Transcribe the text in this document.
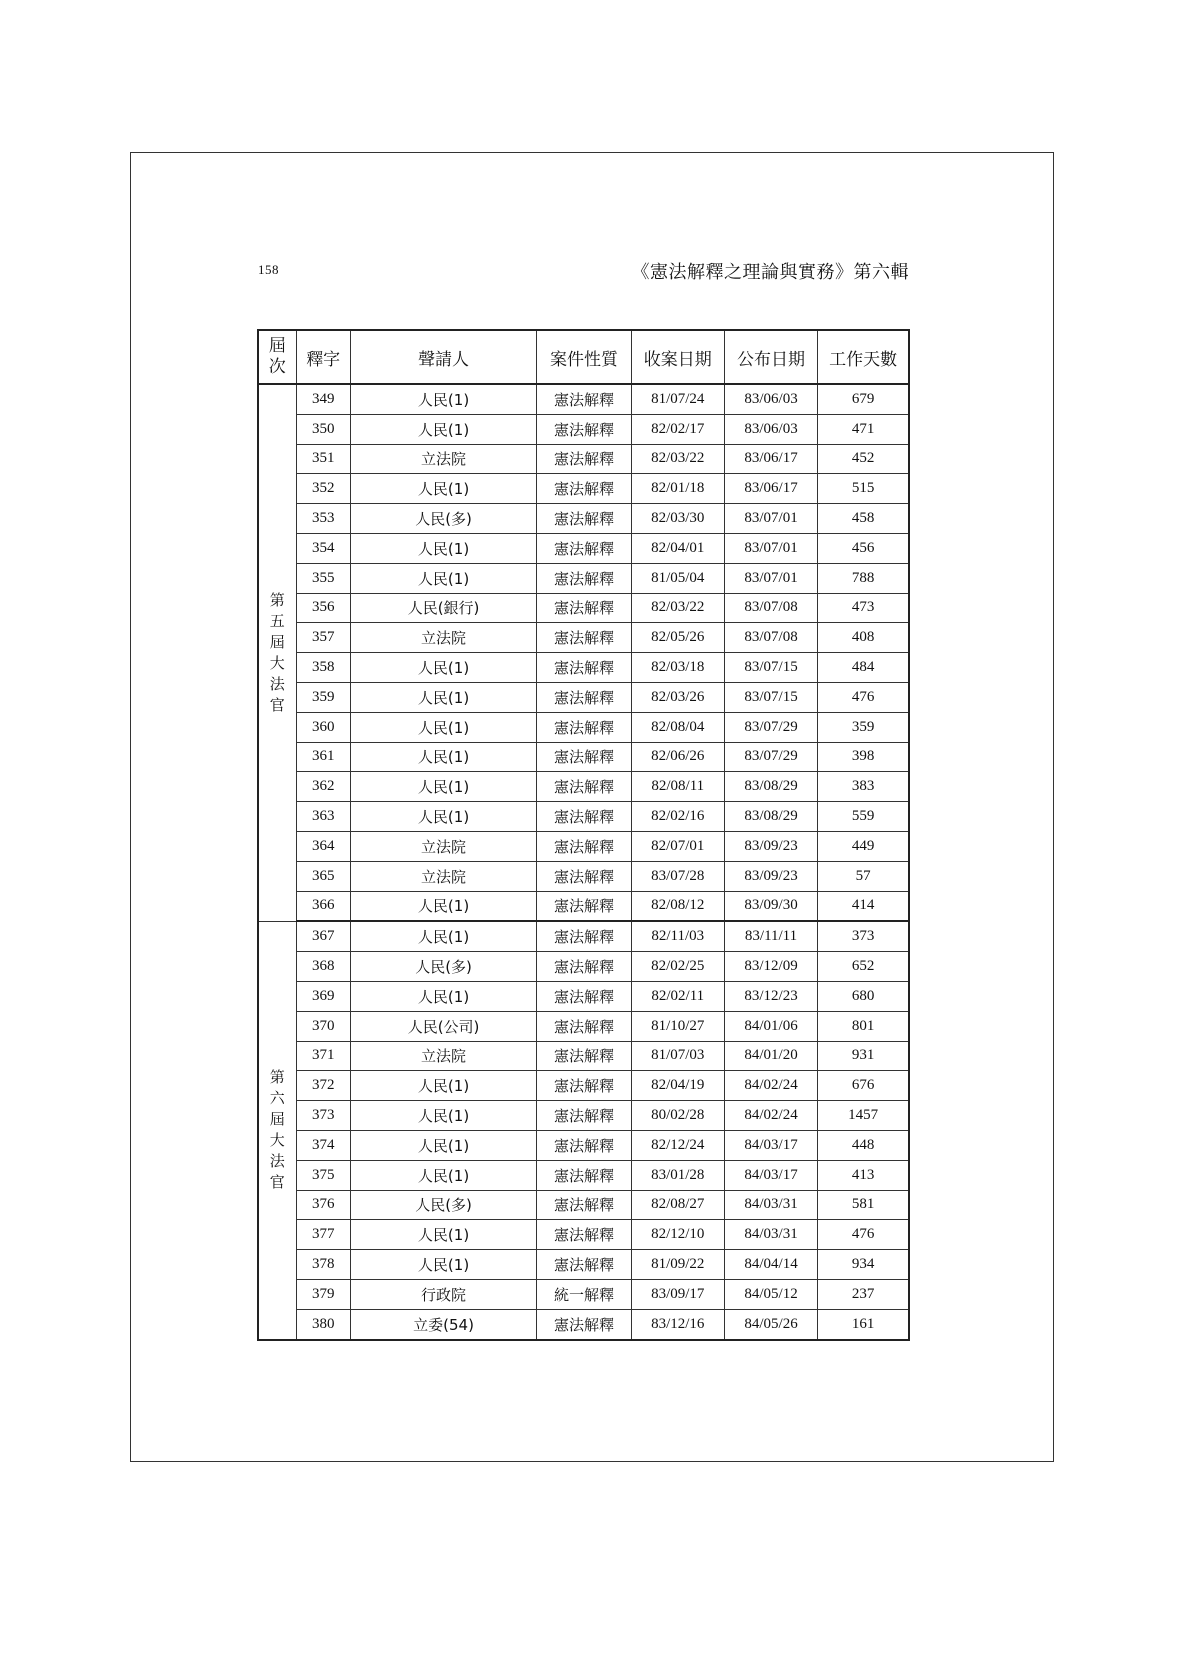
158	《憲法解釋之理論與實務》第六輯
屆次	釋字	聲請人	案件性質	收案日期	公布日期	工作天數
第五屆大法官	349	人民(1)	憲法解釋	81/07/24	83/06/03	679
	350	人民(1)	憲法解釋	82/02/17	83/06/03	471
	351	立法院	憲法解釋	82/03/22	83/06/17	452
	352	人民(1)	憲法解釋	82/01/18	83/06/17	515
	353	人民(多)	憲法解釋	82/03/30	83/07/01	458
	354	人民(1)	憲法解釋	82/04/01	83/07/01	456
	355	人民(1)	憲法解釋	81/05/04	83/07/01	788
	356	人民(銀行)	憲法解釋	82/03/22	83/07/08	473
	357	立法院	憲法解釋	82/05/26	83/07/08	408
	358	人民(1)	憲法解釋	82/03/18	83/07/15	484
	359	人民(1)	憲法解釋	82/03/26	83/07/15	476
	360	人民(1)	憲法解釋	82/08/04	83/07/29	359
	361	人民(1)	憲法解釋	82/06/26	83/07/29	398
	362	人民(1)	憲法解釋	82/08/11	83/08/29	383
	363	人民(1)	憲法解釋	82/02/16	83/08/29	559
	364	立法院	憲法解釋	82/07/01	83/09/23	449
	365	立法院	憲法解釋	83/07/28	83/09/23	57
	366	人民(1)	憲法解釋	82/08/12	83/09/30	414
第六屆大法官	367	人民(1)	憲法解釋	82/11/03	83/11/11	373
	368	人民(多)	憲法解釋	82/02/25	83/12/09	652
	369	人民(1)	憲法解釋	82/02/11	83/12/23	680
	370	人民(公司)	憲法解釋	81/10/27	84/01/06	801
	371	立法院	憲法解釋	81/07/03	84/01/20	931
	372	人民(1)	憲法解釋	82/04/19	84/02/24	676
	373	人民(1)	憲法解釋	80/02/28	84/02/24	1457
	374	人民(1)	憲法解釋	82/12/24	84/03/17	448
	375	人民(1)	憲法解釋	83/01/28	84/03/17	413
	376	人民(多)	憲法解釋	82/08/27	84/03/31	581
	377	人民(1)	憲法解釋	82/12/10	84/03/31	476
	378	人民(1)	憲法解釋	81/09/22	84/04/14	934
	379	行政院	統一解釋	83/09/17	84/05/12	237
	380	立委(54)	憲法解釋	83/12/16	84/05/26	161
